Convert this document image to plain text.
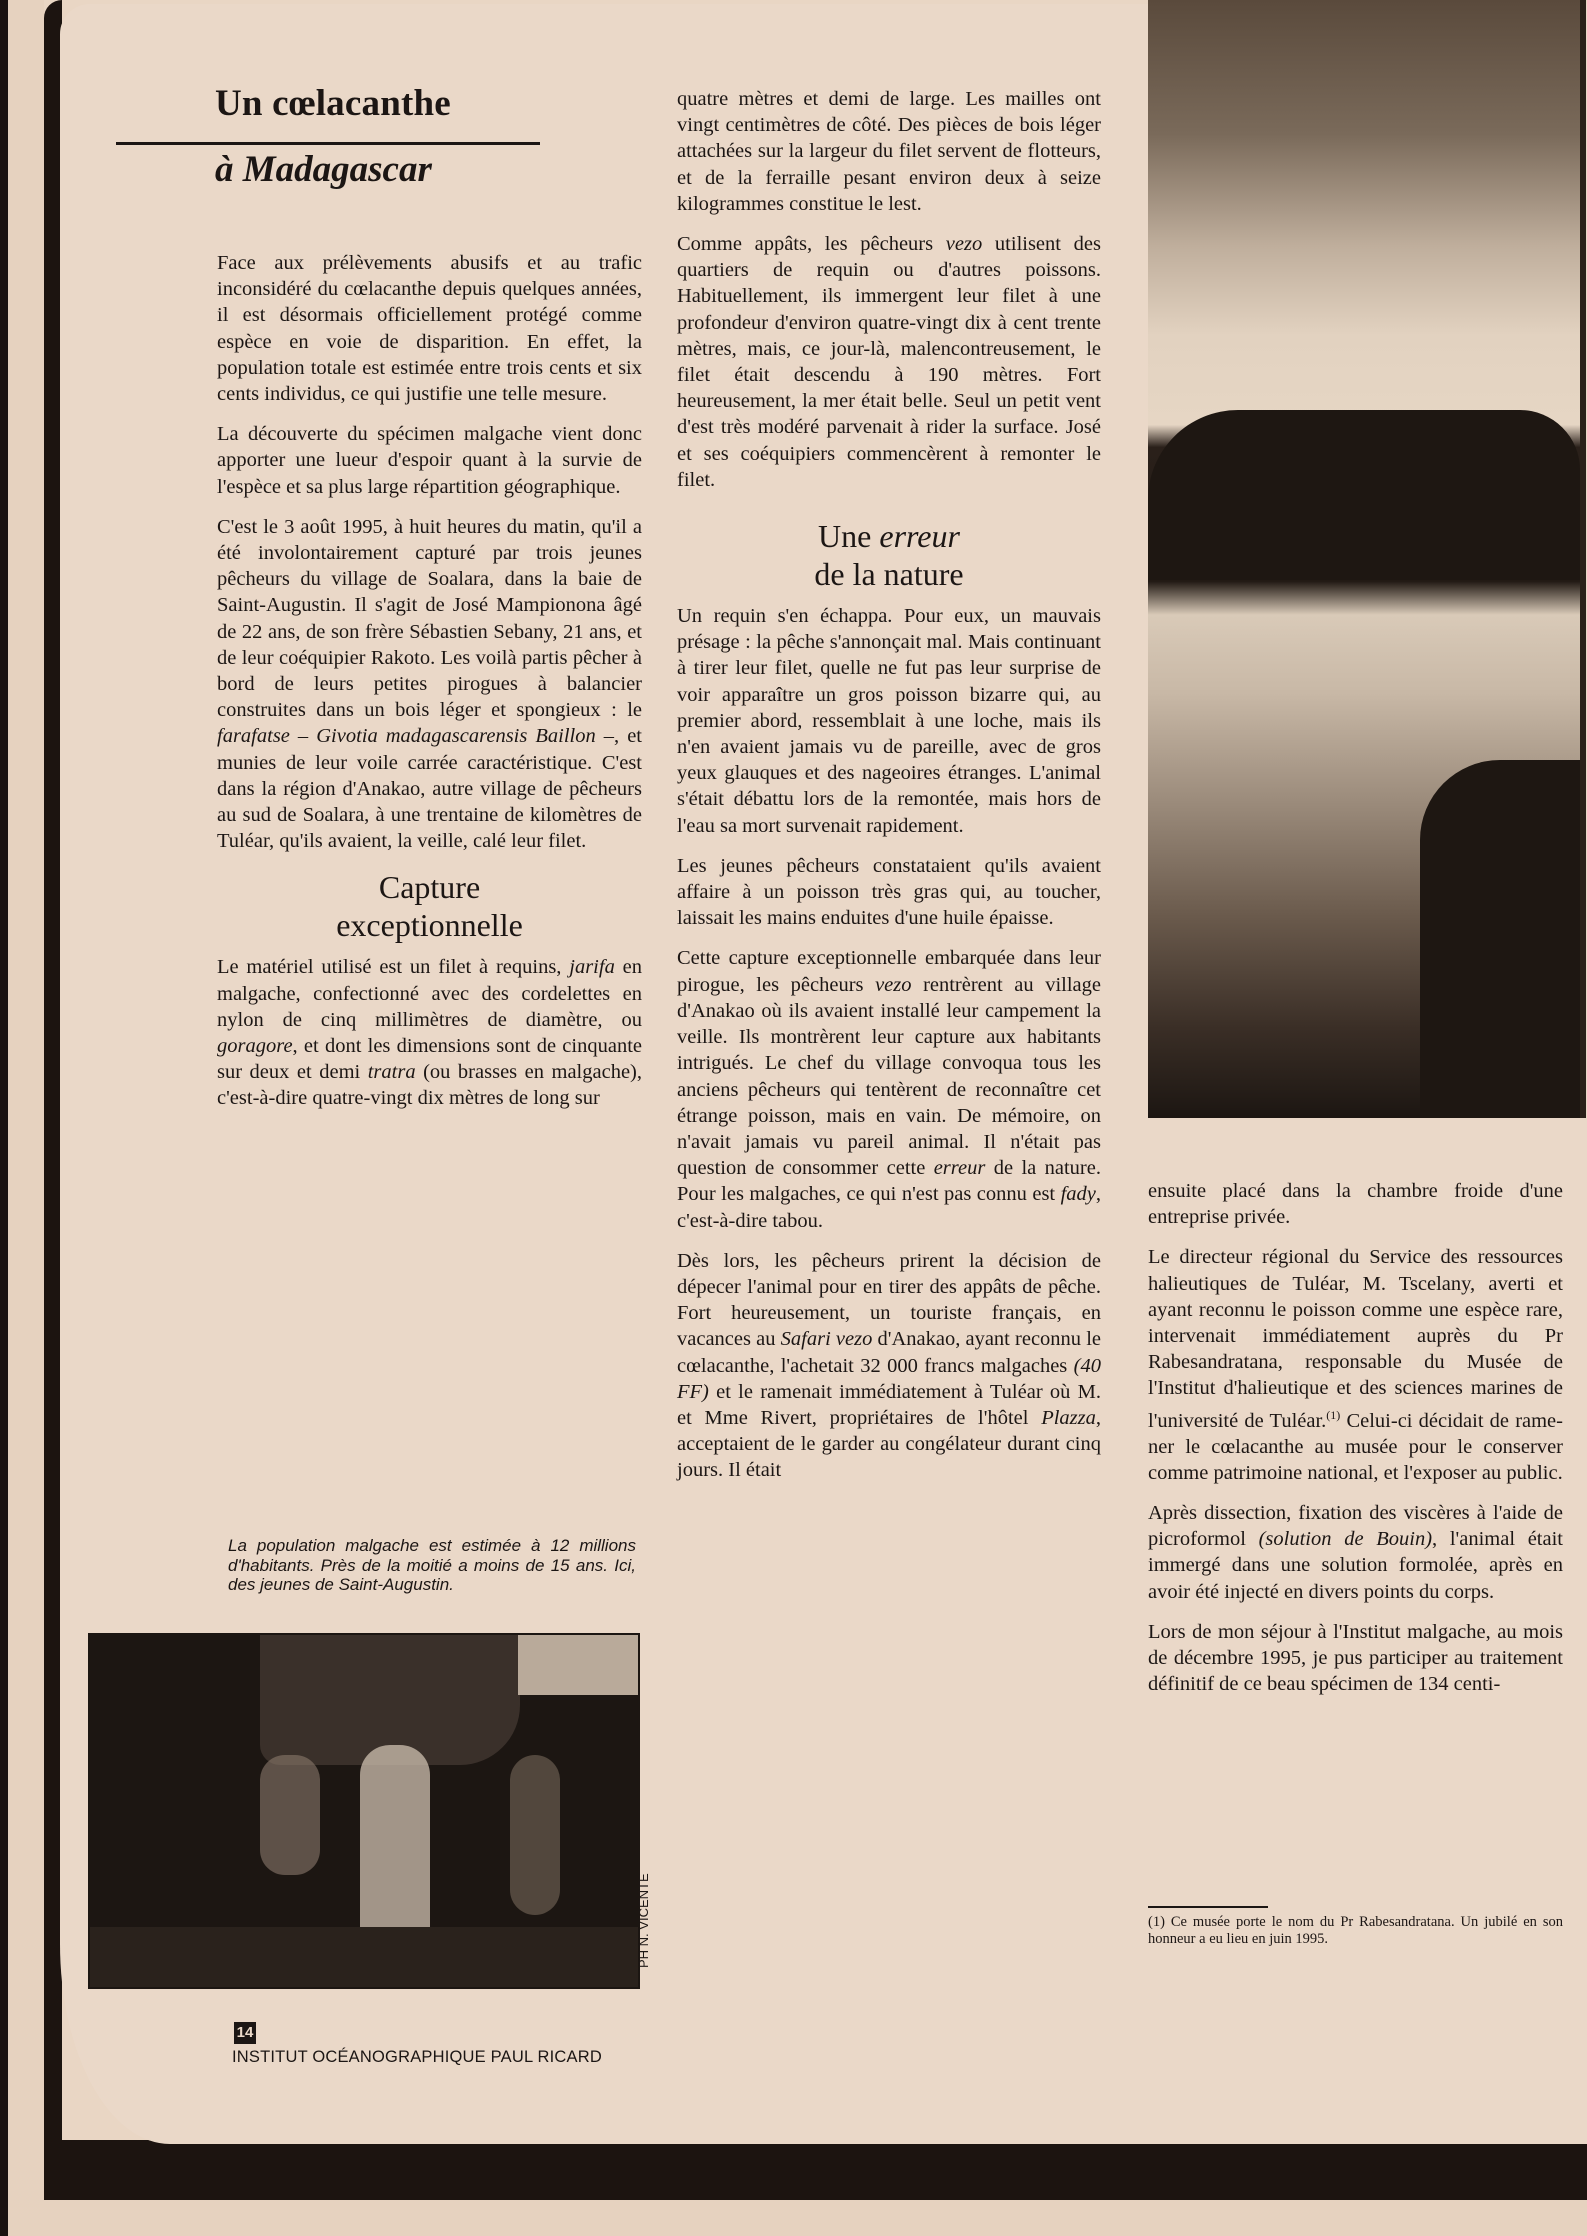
Un cœlacanthe
à Madagascar

Face aux prélèvements abusifs et au trafic inconsidéré du cœlacanthe depuis quelques années, il est désormais officiellement protégé comme espèce en voie de disparition. En effet, la population totale est estimée entre trois cents et six cents individus, ce qui justifie une telle mesure.

La découverte du spécimen malgache vient donc apporter une lueur d'espoir quant à la survie de l'espèce et sa plus large répartition géographique.

C'est le 3 août 1995, à huit heures du matin, qu'il a été involontairement capturé par trois jeunes pêcheurs du village de Soalara, dans la baie de Saint-Augustin. Il s'agit de José Mampionona âgé de 22 ans, de son frère Sébastien Sebany, 21 ans, et de leur coéquipier Rakoto. Les voilà partis pêcher à bord de leurs petites pirogues à balancier construites dans un bois léger et spongieux : le farafatse – Givotia madagascarensis Baillon –, et munies de leur voile carrée caractéristique. C'est dans la région d'Anakao, autre village de pêcheurs au sud de Soalara, à une trentaine de kilomètres de Tuléar, qu'ils avaient, la veille, calé leur filet.

Capture
exceptionnelle

Le matériel utilisé est un filet à requins, jarifa en malgache, confectionné avec des cordelettes en nylon de cinq millimètres de diamètre, ou goragore, et dont les dimensions sont de cinquante sur deux et demi tratra (ou brasses en malgache), c'est-à-dire quatre-vingt dix mètres de long sur

La population malgache est estimée à 12 millions d'habitants. Près de la moitié a moins de 15 ans. Ici, des jeunes de Saint-Augustin.
PH N. VICENTE

quatre mètres et demi de large. Les mailles ont vingt centimètres de côté. Des pièces de bois léger attachées sur la largeur du filet servent de flotteurs, et de la ferraille pesant environ deux à seize kilogrammes constitue le lest.

Comme appâts, les pêcheurs vezo utilisent des quartiers de requin ou d'autres poissons. Habituellement, ils immergent leur filet à une profondeur d'environ quatre-vingt dix à cent trente mètres, mais, ce jour-là, malencontreusement, le filet était descendu à 190 mètres. Fort heureusement, la mer était belle. Seul un petit vent d'est très modéré parvenait à rider la surface. José et ses coéquipiers commencèrent à remonter le filet.

Une erreur
de la nature

Un requin s'en échappa. Pour eux, un mauvais présage : la pêche s'annonçait mal. Mais continuant à tirer leur filet, quelle ne fut pas leur surprise de voir apparaître un gros poisson bizarre qui, au premier abord, ressemblait à une loche, mais ils n'en avaient jamais vu de pareille, avec de gros yeux glauques et des nageoires étranges. L'animal s'était débattu lors de la remontée, mais hors de l'eau sa mort survenait rapidement.

Les jeunes pêcheurs constataient qu'ils avaient affaire à un poisson très gras qui, au toucher, laissait les mains enduites d'une huile épaisse.

Cette capture exceptionnelle embarquée dans leur pirogue, les pêcheurs vezo rentrèrent au village d'Anakao où ils avaient installé leur campement la veille. Ils montrèrent leur capture aux habitants intrigués. Le chef du village convoqua tous les anciens pêcheurs qui tentèrent de reconnaître cet étrange poisson, mais en vain. De mémoire, on n'avait jamais vu pareil animal. Il n'était pas question de consommer cette erreur de la nature. Pour les malgaches, ce qui n'est pas connu est fady, c'est-à-dire tabou.

Dès lors, les pêcheurs prirent la décision de dépecer l'animal pour en tirer des appâts de pêche. Fort heureusement, un touriste français, en vacances au Safari vezo d'Anakao, ayant reconnu le cœlacanthe, l'achetait 32 000 francs malgaches (40 FF) et le ramenait immédiatement à Tuléar où M. et Mme Rivert, propriétaires de l'hôtel Plazza, acceptaient de le garder au congélateur durant cinq jours. Il était

ensuite placé dans la chambre froide d'une entreprise privée.

Le directeur régional du Service des ressources halieutiques de Tuléar, M. Tscelany, averti et ayant reconnu le poisson comme une espèce rare, intervenait immédiatement auprès du Pr Rabesandratana, responsable du Musée de l'Institut d'halieutique et des sciences marines de l'université de Tuléar.$^{(1)}$ Celui-ci décidait de ramener le cœlacanthe au musée pour le conserver comme patrimoine national, et l'exposer au public.

Après dissection, fixation des viscères à l'aide de picroformol (solution de Bouin), l'animal était immergé dans une solution formolée, après en avoir été injecté en divers points du corps.

Lors de mon séjour à l'Institut malgache, au mois de décembre 1995, je pus participer au traitement définitif de ce beau spécimen de 134 centi-

(1) Ce musée porte le nom du Pr Rabesandratana. Un jubilé en son honneur a eu lieu en juin 1995.
14
INSTITUT OCÉANOGRAPHIQUE PAUL RICARD
